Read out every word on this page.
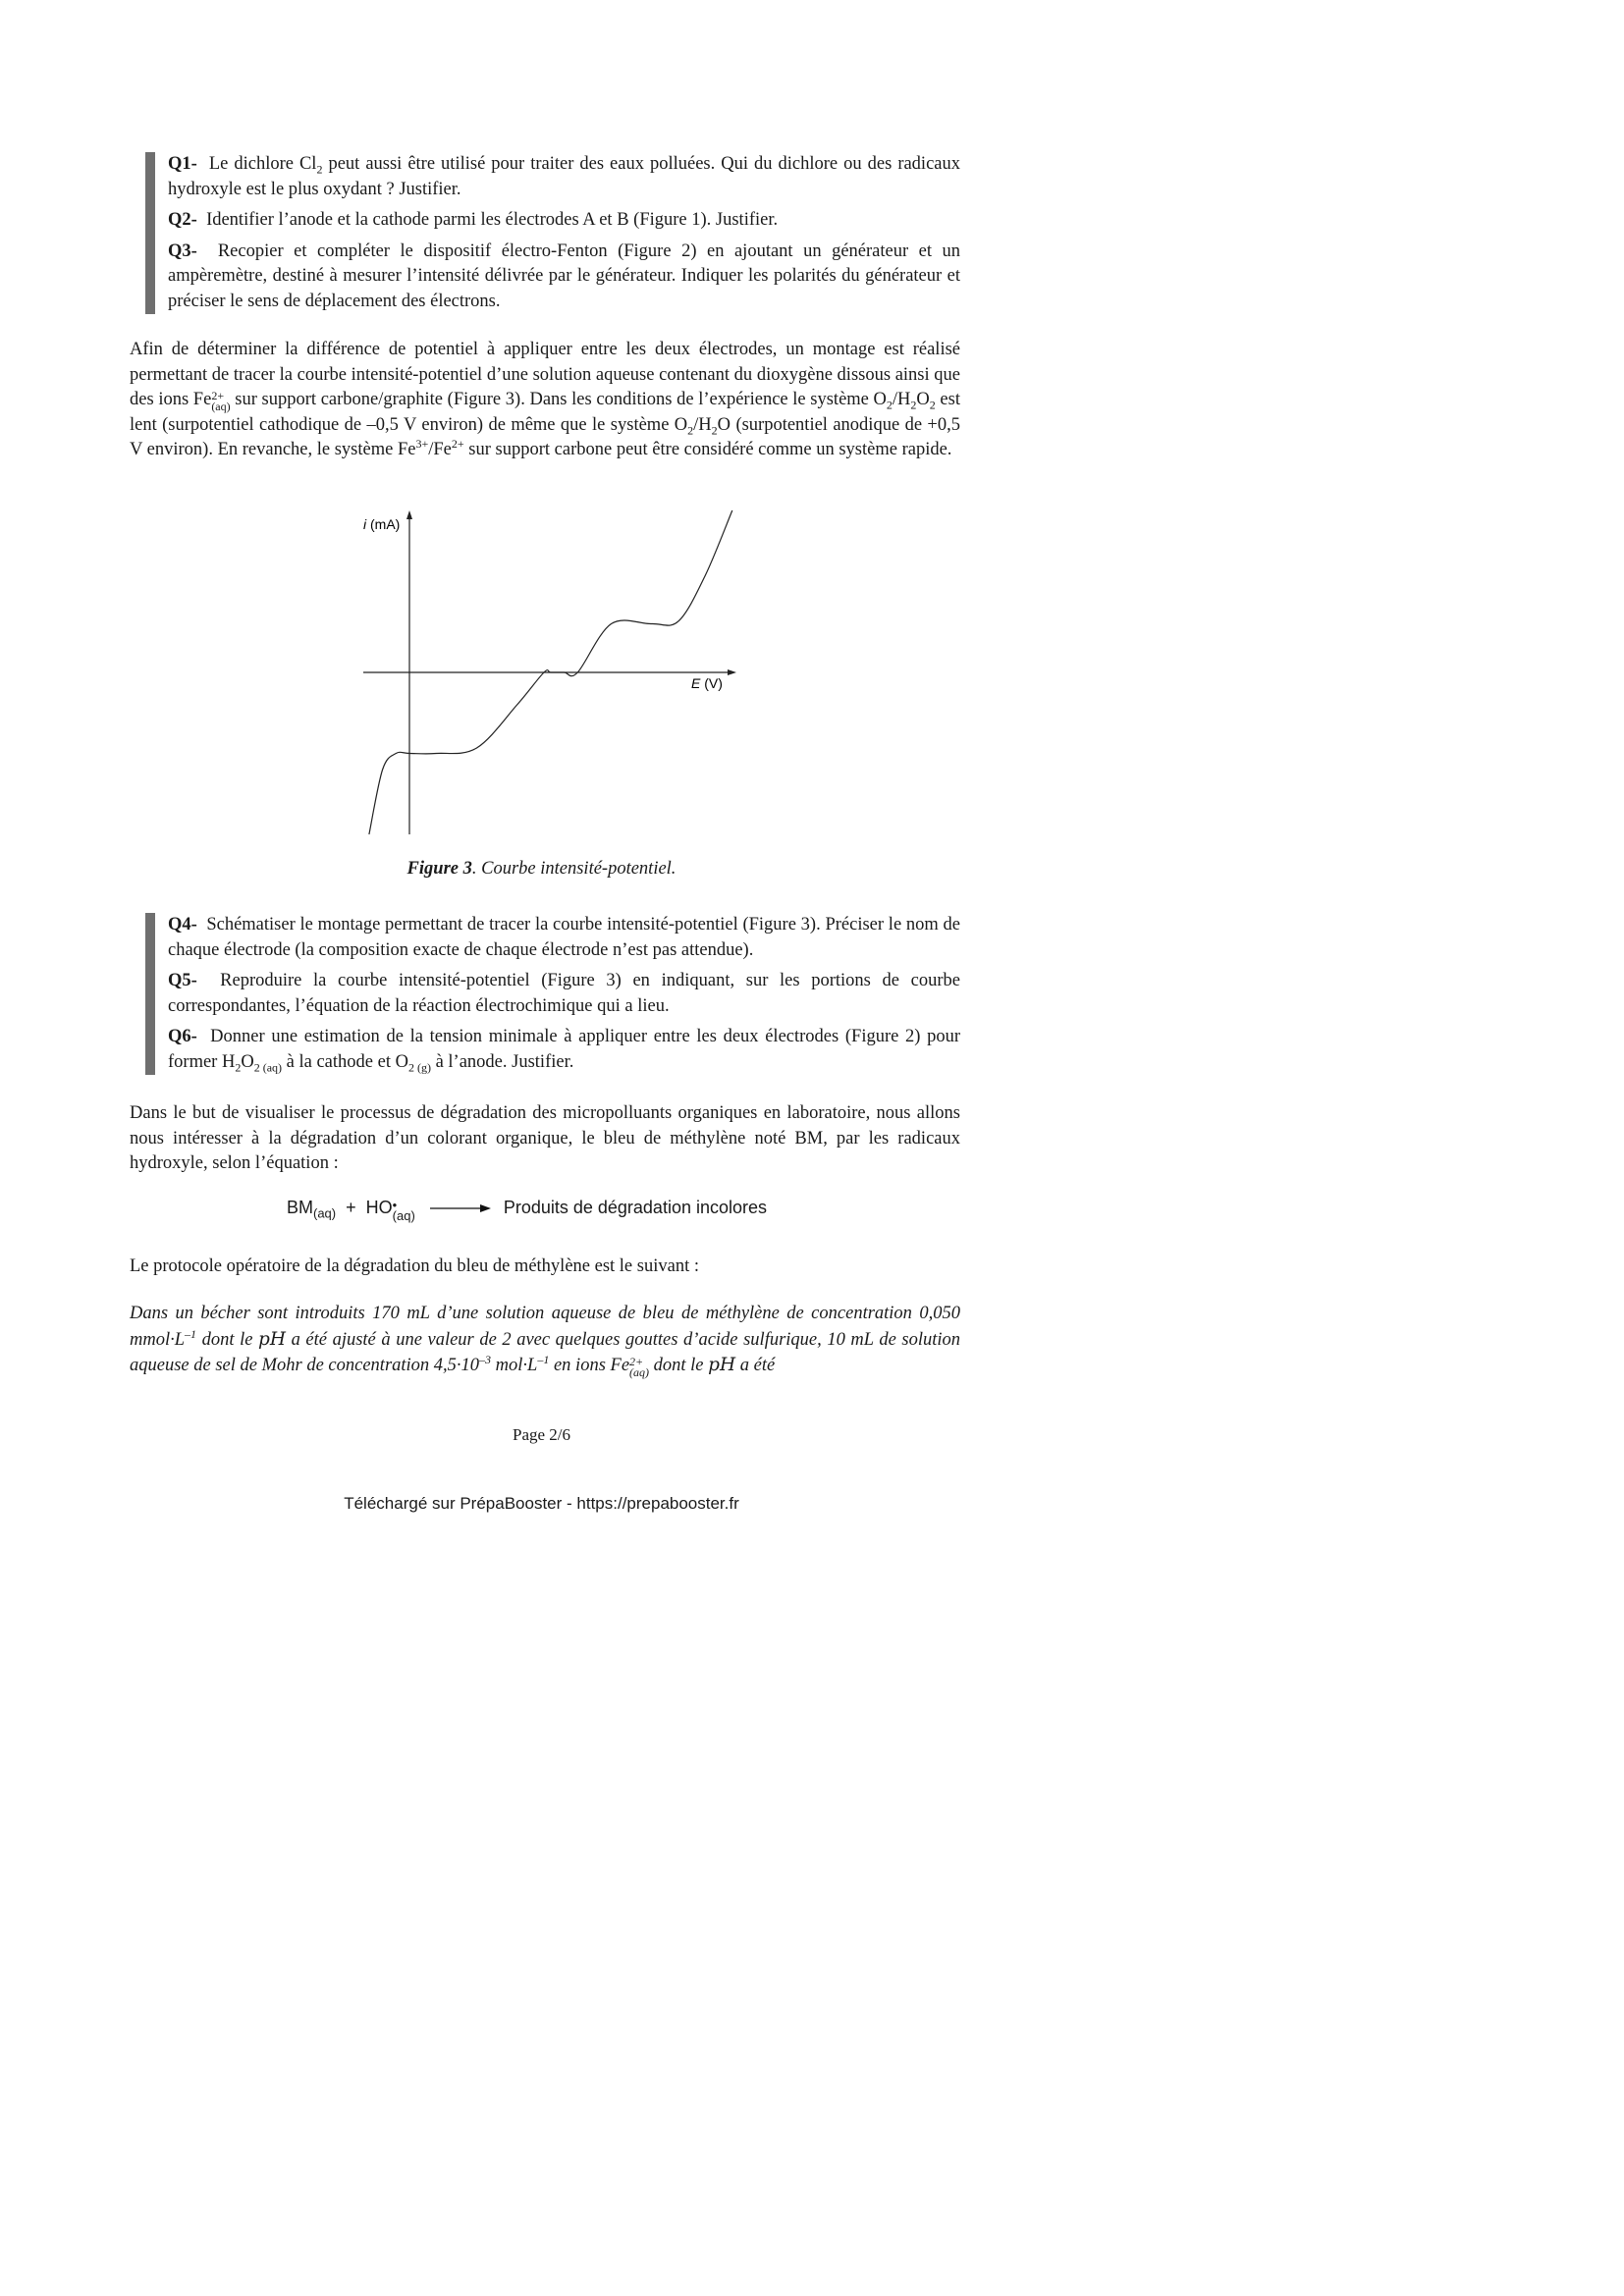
Q1- Le dichlore $Cl_2$ peut aussi être utilisé pour traiter des eaux polluées. Qui du dichlore ou des radicaux hydroxyle est le plus oxydant ? Justifier.

Q2- Identifier l’anode et la cathode parmi les électrodes A et B (Figure 1). Justifier.

Q3- Recopier et compléter le dispositif électro-Fenton (Figure 2) en ajoutant un générateur et un ampèremètre, destiné à mesurer l’intensité délivrée par le générateur. Indiquer les polarités du générateur et préciser le sens de déplacement des électrons.

Afin de déterminer la différence de potentiel à appliquer entre les deux électrodes, un montage est réalisé permettant de tracer la courbe intensité-potentiel d’une solution aqueuse contenant du dioxygène dissous ainsi que des ions Fe 2+
(aq) sur support carbone/graphite (Figure 3). Dans les conditions de l’expérience le système $O_2/H_2O_2$ est lent (surpotentiel cathodique de –0,5 V environ) de même que le système $O_2/H_2O$ (surpotentiel anodique de +0,5 V environ). En revanche, le système $Fe^{3+}/Fe^{2+}$ sur support carbone peut être considéré comme un système rapide.

i (mA)
E (V)
Figure 3. Courbe intensité-potentiel.

Q4- Schématiser le montage permettant de tracer la courbe intensité-potentiel (Figure 3). Préciser le nom de chaque électrode (la composition exacte de chaque électrode n’est pas attendue).

Q5- Reproduire la courbe intensité-potentiel (Figure 3) en indiquant, sur les portions de courbe correspondantes, l’équation de la réaction électrochimique qui a lieu.

Q6- Donner une estimation de la tension minimale à appliquer entre les deux électrodes (Figure 2) pour former $H_2O_{2 (aq)}$ à la cathode et $O_{2 (g)}$ à l’anode. Justifier.

Dans le but de visualiser le processus de dégradation des micropolluants organiques en laboratoire, nous allons nous intéresser à la dégradation d’un colorant organique, le bleu de méthylène noté BM, par les radicaux hydroxyle, selon l’équation :

$BM_{(aq)}$ + HO •
(aq) → Produits de dégradation incolores

Le protocole opératoire de la dégradation du bleu de méthylène est le suivant :

Dans un bécher sont introduits 170 mL d’une solution aqueuse de bleu de méthylène de concentration 0,050 $mmol\cdot L^{-1}$ dont le pH a été ajusté à une valeur de 2 avec quelques gouttes d’acide sulfurique, 10 mL de solution aqueuse de sel de Mohr de concentration $4,5\cdot 10^{-3}$ $mol\cdot L^{-1}$ en ions Fe 2+
(aq) dont le pH a été

Page 2/6
Téléchargé sur PrépaBooster - https://prepabooster.fr
